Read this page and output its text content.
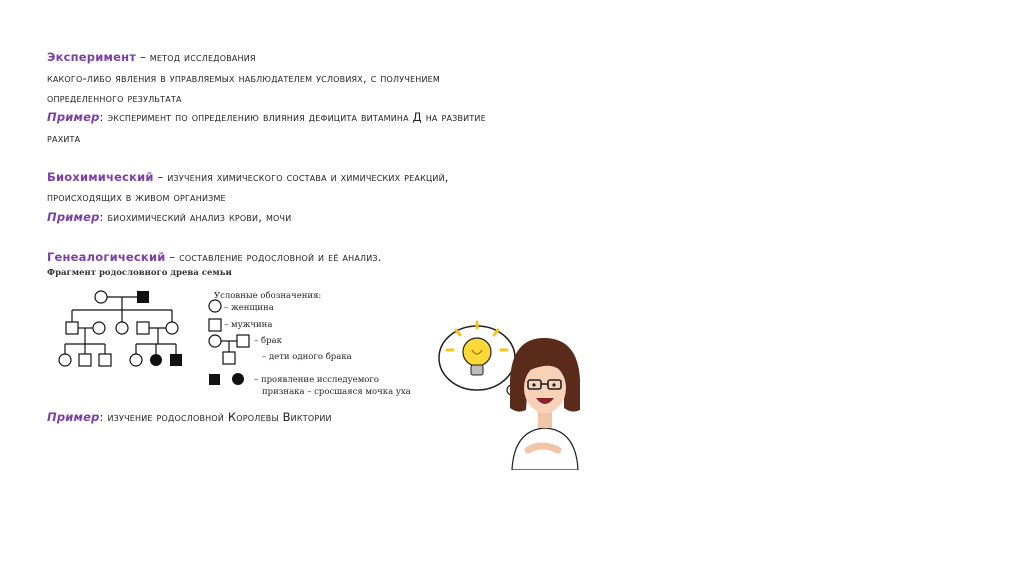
Эксперимент – метод исследования
какого-либо явления в управляемых наблюдателем условиях, с получением
определенного результата
Пример: эксперимент по определению влияния дефицита витамина Д на развитие
рахита
Биохимический – изучения химического состава и химических реакций,
происходящих в живом организме
Пример: биохимический анализ крови, мочи
Генеалогический – составление родословной и её анализ.
Фрагмент родословного древа семьи
Условные обозначения:
– женщина
– мужчина
– брак
– дети одного брака
– проявление исследуемого
признака – сросшаяся мочка уха
Пример: изучение родословной Королевы Виктории
